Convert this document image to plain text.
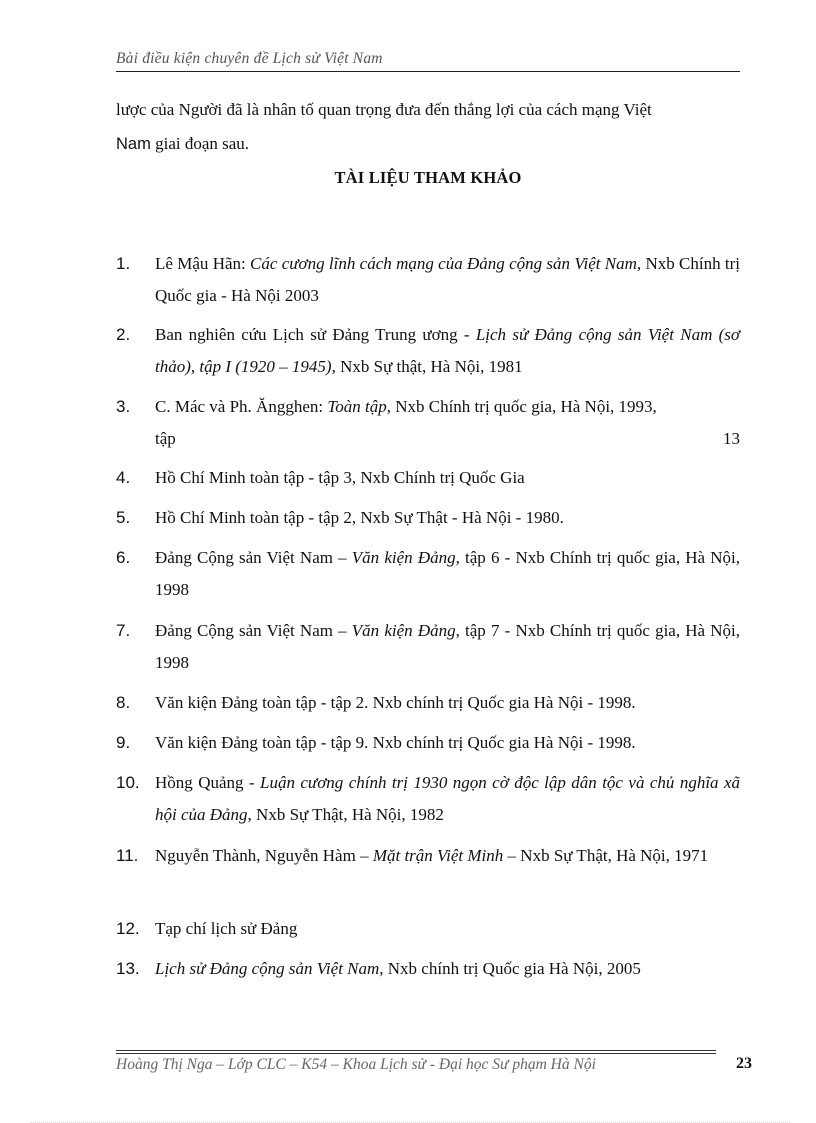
Bài điều kiện chuyên đề Lịch sử Việt Nam
lược của Người đã là nhân tố quan trọng đưa đến thắng lợi của cách mạng Việt
Nam giai đoạn sau.
TÀI LIỆU THAM KHẢO
1.	Lê Mậu Hãn: Các cương lĩnh cách mạng của Đảng cộng sản Việt Nam, Nxb Chính trị Quốc gia - Hà Nội 2003
2.	Ban nghiên cứu Lịch sử Đảng Trung ương - Lịch sử Đảng cộng sản Việt Nam (sơ thảo), tập I (1920 – 1945), Nxb Sự thật, Hà Nội, 1981
3.	C. Mác và Ph. Ăngghen: Toàn tập, Nxb Chính trị quốc gia, Hà Nội, 1993,
tập	13
4.	Hồ Chí Minh toàn tập - tập 3, Nxb Chính trị Quốc Gia
5.	Hồ Chí Minh toàn tập - tập 2, Nxb Sự Thật - Hà Nội - 1980.
6.	Đảng Cộng sản Việt Nam – Văn kiện Đảng, tập 6 - Nxb Chính trị quốc gia, Hà Nội, 1998
7.	Đảng Cộng sản Việt Nam – Văn kiện Đảng, tập 7 - Nxb Chính trị quốc gia, Hà Nội, 1998
8.	Văn kiện Đảng toàn tập - tập 2. Nxb chính trị Quốc gia Hà Nội - 1998.
9.	Văn kiện Đảng toàn tập - tập 9. Nxb chính trị Quốc gia Hà Nội - 1998.
10. Hồng Quảng - Luận cương chính trị 1930 ngọn cờ độc lập dân tộc và chủ nghĩa xã hội của Đảng, Nxb Sự Thật, Hà Nội, 1982
11. Nguyễn Thành, Nguyễn Hàm – Mặt trận Việt Minh – Nxb Sự Thật, Hà Nội, 1971
12. Tạp chí lịch sử Đảng
13. Lịch sử Đảng cộng sản Việt Nam, Nxb chính trị Quốc gia Hà Nội, 2005
Hoàng Thị Nga – Lớp CLC – K54 – Khoa Lịch sử - Đại học Sư phạm Hà Nội	23
